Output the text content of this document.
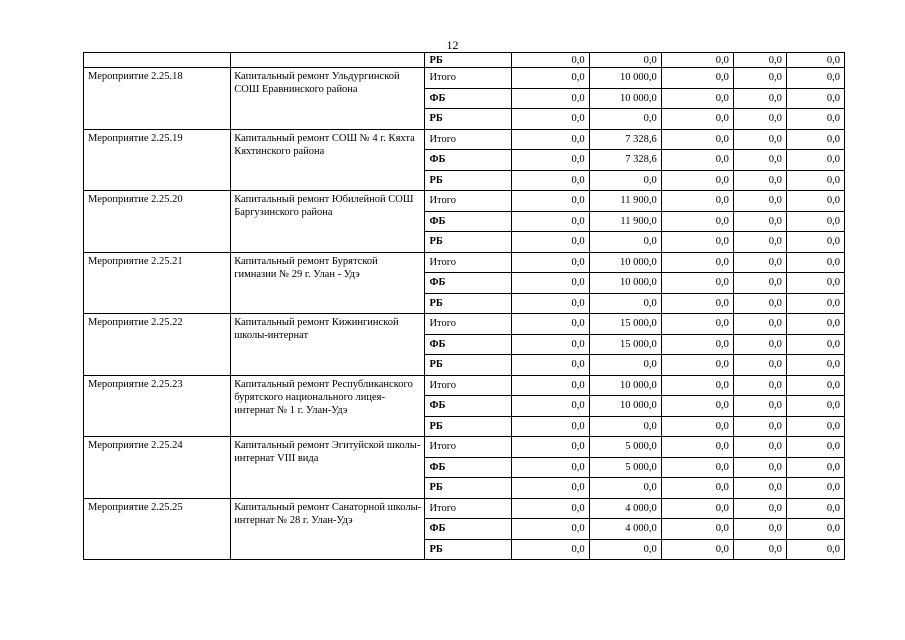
12
		РБ	0,0	0,0	0,0	0,0	0,0
Мероприятие 2.25.18	Капитальный ремонт Ульдургинской СОШ Еравнинского района	Итого	0,0	10 000,0	0,0	0,0	0,0
		ФБ	0,0	10 000,0	0,0	0,0	0,0
		РБ	0,0	0,0	0,0	0,0	0,0
Мероприятие 2.25.19	Капитальный ремонт СОШ № 4 г. Кяхта Кяхтинского района	Итого	0,0	7 328,6	0,0	0,0	0,0
		ФБ	0,0	7 328,6	0,0	0,0	0,0
		РБ	0,0	0,0	0,0	0,0	0,0
Мероприятие 2.25.20	Капитальный ремонт Юбилейной СОШ Баргузинского района	Итого	0,0	11 900,0	0,0	0,0	0,0
		ФБ	0,0	11 900,0	0,0	0,0	0,0
		РБ	0,0	0,0	0,0	0,0	0,0
Мероприятие 2.25.21	Капитальный ремонт Бурятской гимназии № 29 г. Улан - Удэ	Итого	0,0	10 000,0	0,0	0,0	0,0
		ФБ	0,0	10 000,0	0,0	0,0	0,0
		РБ	0,0	0,0	0,0	0,0	0,0
Мероприятие 2.25.22	Капитальный ремонт Кижингинской школы-интернат	Итого	0,0	15 000,0	0,0	0,0	0,0
		ФБ	0,0	15 000,0	0,0	0,0	0,0
		РБ	0,0	0,0	0,0	0,0	0,0
Мероприятие 2.25.23	Капитальный ремонт Республиканского бурятского национального лицея-интернат № 1 г. Улан-Удэ	Итого	0,0	10 000,0	0,0	0,0	0,0
		ФБ	0,0	10 000,0	0,0	0,0	0,0
		РБ	0,0	0,0	0,0	0,0	0,0
Мероприятие 2.25.24	Капитальный ремонт Эгитуйской школы-интернат VIII вида	Итого	0,0	5 000,0	0,0	0,0	0,0
		ФБ	0,0	5 000,0	0,0	0,0	0,0
		РБ	0,0	0,0	0,0	0,0	0,0
Мероприятие 2.25.25	Капитальный ремонт Санаторной школы-интернат № 28 г. Улан-Удэ	Итого	0,0	4 000,0	0,0	0,0	0,0
		ФБ	0,0	4 000,0	0,0	0,0	0,0
		РБ	0,0	0,0	0,0	0,0	0,0
